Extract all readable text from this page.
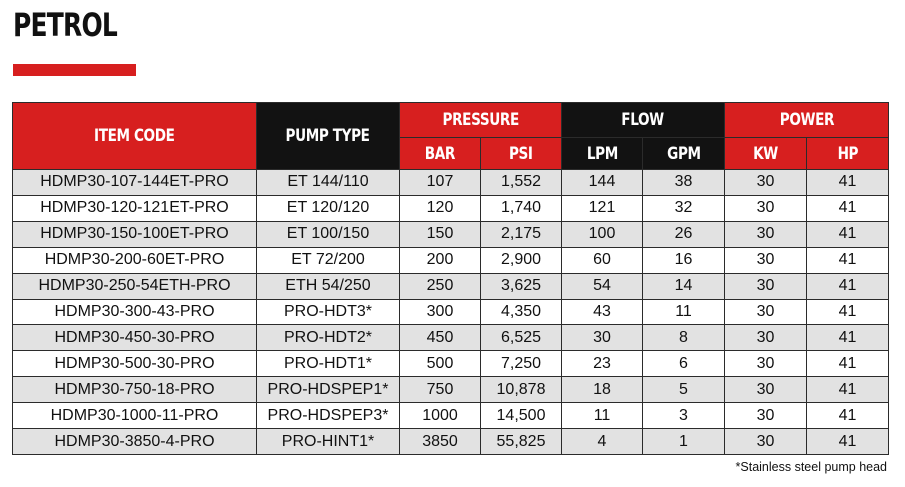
PETROL
ITEM CODE	PUMP TYPE	PRESSURE		FLOW		POWER	
		BAR	PSI	LPM	GPM	KW	HP
HDMP30-107-144ET-PRO	ET 144/110	107	1,552	144	38	30	41
HDMP30-120-121ET-PRO	ET 120/120	120	1,740	121	32	30	41
HDMP30-150-100ET-PRO	ET 100/150	150	2,175	100	26	30	41
HDMP30-200-60ET-PRO	ET 72/200	200	2,900	60	16	30	41
HDMP30-250-54ETH-PRO	ETH 54/250	250	3,625	54	14	30	41
HDMP30-300-43-PRO	PRO-HDT3*	300	4,350	43	11	30	41
HDMP30-450-30-PRO	PRO-HDT2*	450	6,525	30	8	30	41
HDMP30-500-30-PRO	PRO-HDT1*	500	7,250	23	6	30	41
HDMP30-750-18-PRO	PRO-HDSPEP1*	750	10,878	18	5	30	41
HDMP30-1000-11-PRO	PRO-HDSPEP3*	1000	14,500	11	3	30	41
HDMP30-3850-4-PRO	PRO-HINT1*	3850	55,825	4	1	30	41
*Stainless steel pump head
